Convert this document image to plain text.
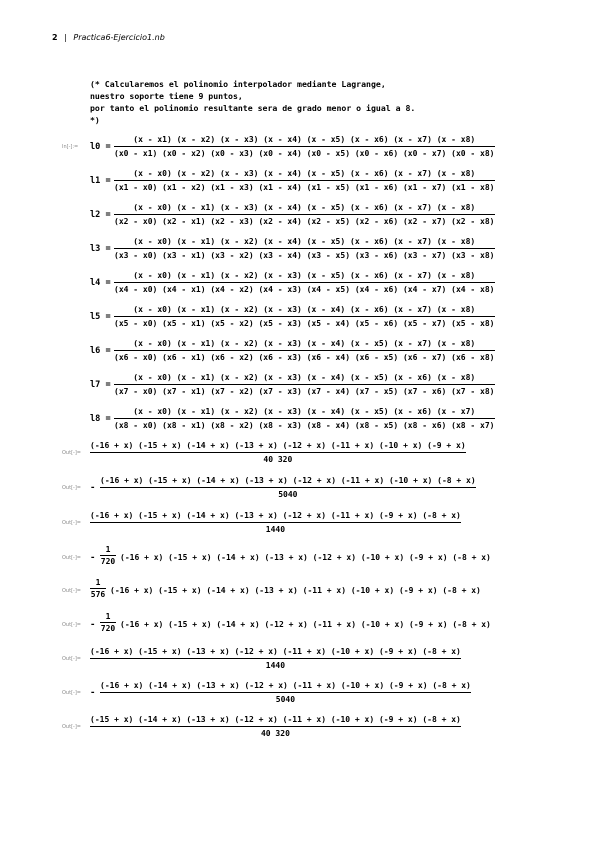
2 | Practica6-Ejercicio1.nb
(* Calcularemos el polinomio interpolador mediante Lagrange,
nuestro soporte tiene 9 puntos,
por tanto el polinomio resultante sera de grado menor o igual a 8.
*)
In[-]:= l0 =
(x - x1) (x - x2) (x - x3) (x - x4) (x - x5) (x - x6) (x - x7) (x - x8)
(x0 - x1) (x0 - x2) (x0 - x3) (x0 - x4) (x0 - x5) (x0 - x6) (x0 - x7) (x0 - x8)
l1 =
(x - x0) (x - x2) (x - x3) (x - x4) (x - x5) (x - x6) (x - x7) (x - x8)
(x1 - x0) (x1 - x2) (x1 - x3) (x1 - x4) (x1 - x5) (x1 - x6) (x1 - x7) (x1 - x8)
l2 =
(x - x0) (x - x1) (x - x3) (x - x4) (x - x5) (x - x6) (x - x7) (x - x8)
(x2 - x0) (x2 - x1) (x2 - x3) (x2 - x4) (x2 - x5) (x2 - x6) (x2 - x7) (x2 - x8)
l3 =
(x - x0) (x - x1) (x - x2) (x - x4) (x - x5) (x - x6) (x - x7) (x - x8)
(x3 - x0) (x3 - x1) (x3 - x2) (x3 - x4) (x3 - x5) (x3 - x6) (x3 - x7) (x3 - x8)
l4 =
(x - x0) (x - x1) (x - x2) (x - x3) (x - x5) (x - x6) (x - x7) (x - x8)
(x4 - x0) (x4 - x1) (x4 - x2) (x4 - x3) (x4 - x5) (x4 - x6) (x4 - x7) (x4 - x8)
l5 =
(x - x0) (x - x1) (x - x2) (x - x3) (x - x4) (x - x6) (x - x7) (x - x8)
(x5 - x0) (x5 - x1) (x5 - x2) (x5 - x3) (x5 - x4) (x5 - x6) (x5 - x7) (x5 - x8)
l6 =
(x - x0) (x - x1) (x - x2) (x - x3) (x - x4) (x - x5) (x - x7) (x - x8)
(x6 - x0) (x6 - x1) (x6 - x2) (x6 - x3) (x6 - x4) (x6 - x5) (x6 - x7) (x6 - x8)
l7 =
(x - x0) (x - x1) (x - x2) (x - x3) (x - x4) (x - x5) (x - x6) (x - x8)
(x7 - x0) (x7 - x1) (x7 - x2) (x7 - x3) (x7 - x4) (x7 - x5) (x7 - x6) (x7 - x8)
l8 =
(x - x0) (x - x1) (x - x2) (x - x3) (x - x4) (x - x5) (x - x6) (x - x7)
(x8 - x0) (x8 - x1) (x8 - x2) (x8 - x3) (x8 - x4) (x8 - x5) (x8 - x6) (x8 - x7)
Out[-]=
(-16 + x) (-15 + x) (-14 + x) (-13 + x) (-12 + x) (-11 + x) (-10 + x) (-9 + x)
40 320
Out[-]= -
(-16 + x) (-15 + x) (-14 + x) (-13 + x) (-12 + x) (-11 + x) (-10 + x) (-8 + x)
5040
Out[-]=
(-16 + x) (-15 + x) (-14 + x) (-13 + x) (-12 + x) (-11 + x) (-9 + x) (-8 + x)
1440
Out[-]= -
1
720 (-16 + x) (-15 + x) (-14 + x) (-13 + x) (-12 + x) (-10 + x) (-9 + x) (-8 + x)
Out[-]=
1
576 (-16 + x) (-15 + x) (-14 + x) (-13 + x) (-11 + x) (-10 + x) (-9 + x) (-8 + x)
Out[-]= -
1
720 (-16 + x) (-15 + x) (-14 + x) (-12 + x) (-11 + x) (-10 + x) (-9 + x) (-8 + x)
Out[-]=
(-16 + x) (-15 + x) (-13 + x) (-12 + x) (-11 + x) (-10 + x) (-9 + x) (-8 + x)
1440
Out[-]= -
(-16 + x) (-14 + x) (-13 + x) (-12 + x) (-11 + x) (-10 + x) (-9 + x) (-8 + x)
5040
Out[-]=
(-15 + x) (-14 + x) (-13 + x) (-12 + x) (-11 + x) (-10 + x) (-9 + x) (-8 + x)
40 320
